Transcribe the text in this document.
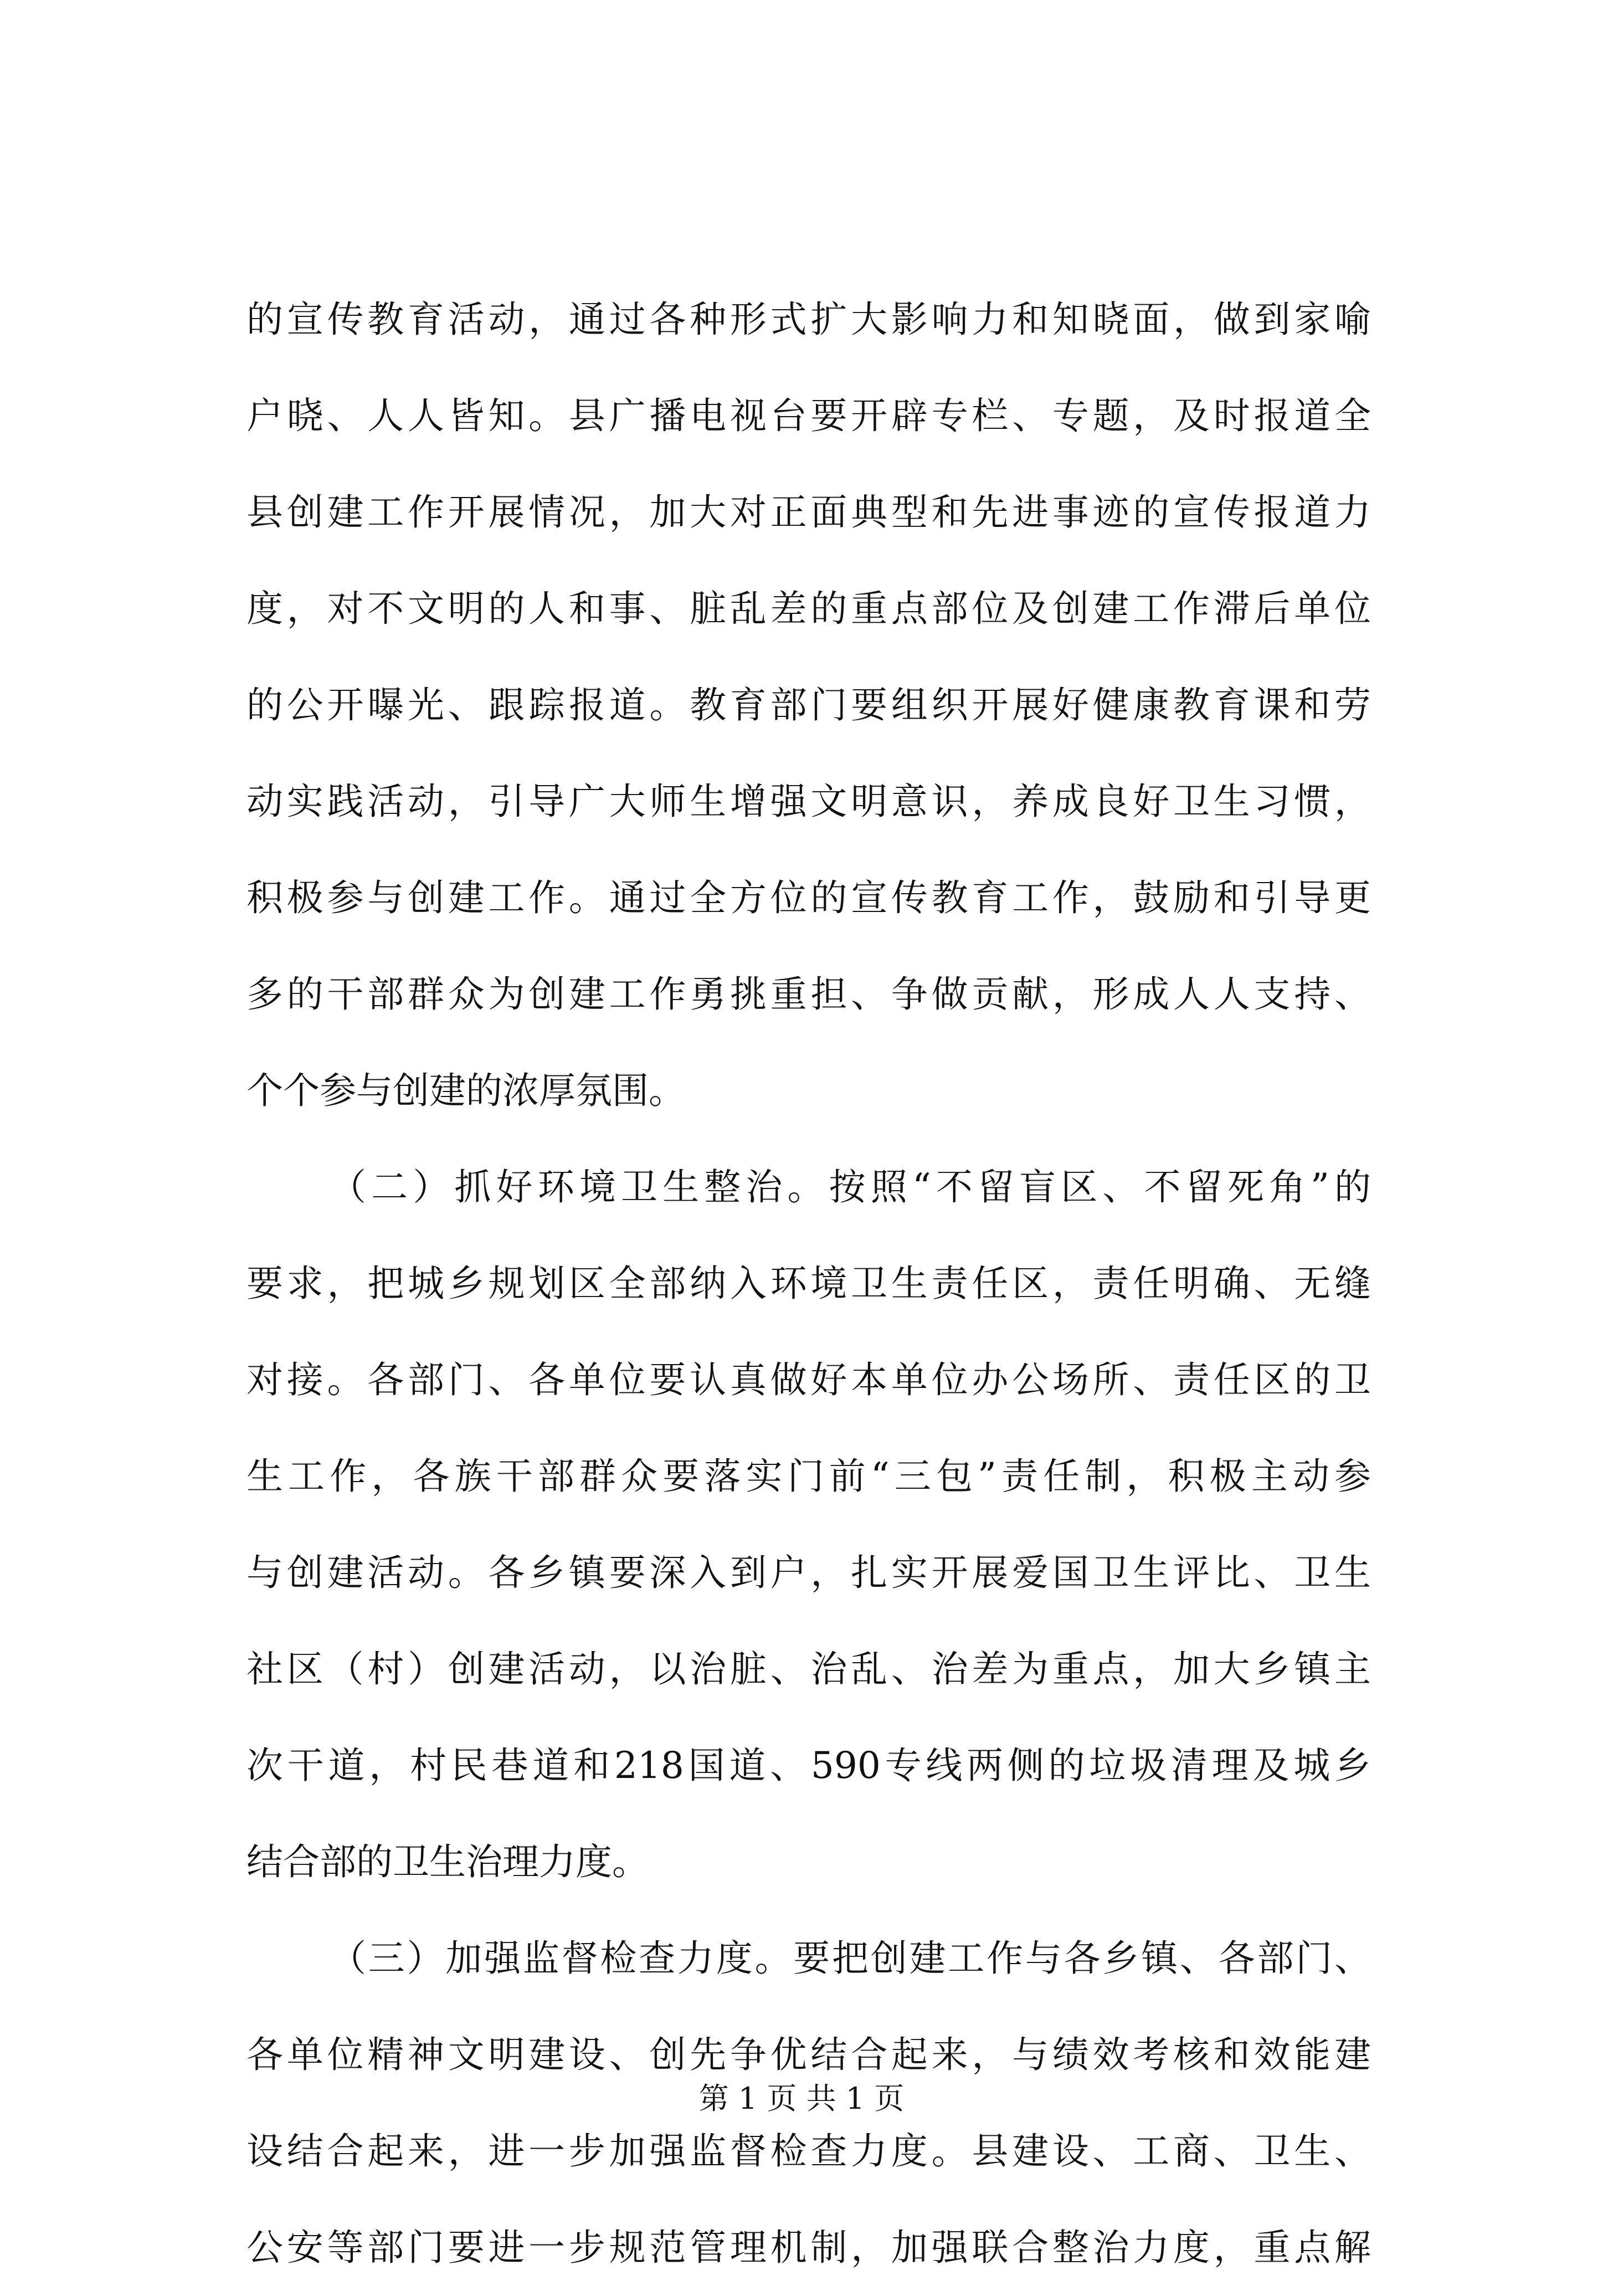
的宣传教育活动，通过各种形式扩大影响力和知晓面，做到家喻
户晓、人人皆知。县广播电视台要开辟专栏、专题，及时报道全
县创建工作开展情况，加大对正面典型和先进事迹的宣传报道力
度，对不文明的人和事、脏乱差的重点部位及创建工作滞后单位
的公开曝光、跟踪报道。教育部门要组织开展好健康教育课和劳
动实践活动，引导广大师生增强文明意识，养成良好卫生习惯，
积极参与创建工作。通过全方位的宣传教育工作，鼓励和引导更
多的干部群众为创建工作勇挑重担、争做贡献，形成人人支持、
个个参与创建的浓厚氛围。
（二）抓好环境卫生整治。按照“不留盲区、不留死角”的
要求，把城乡规划区全部纳入环境卫生责任区，责任明确、无缝
对接。各部门、各单位要认真做好本单位办公场所、责任区的卫
生工作，各族干部群众要落实门前“三包”责任制，积极主动参
与创建活动。各乡镇要深入到户，扎实开展爱国卫生评比、卫生
社区（村）创建活动，以治脏、治乱、治差为重点，加大乡镇主
次干道，村民巷道和218国道、590专线两侧的垃圾清理及城乡
结合部的卫生治理力度。
（三）加强监督检查力度。要把创建工作与各乡镇、各部门、
各单位精神文明建设、创先争优结合起来，与绩效考核和效能建
设结合起来，进一步加强监督检查力度。县建设、工商、卫生、
公安等部门要进一步规范管理机制，加强联合整治力度，重点解
第 1 页 共 1 页
